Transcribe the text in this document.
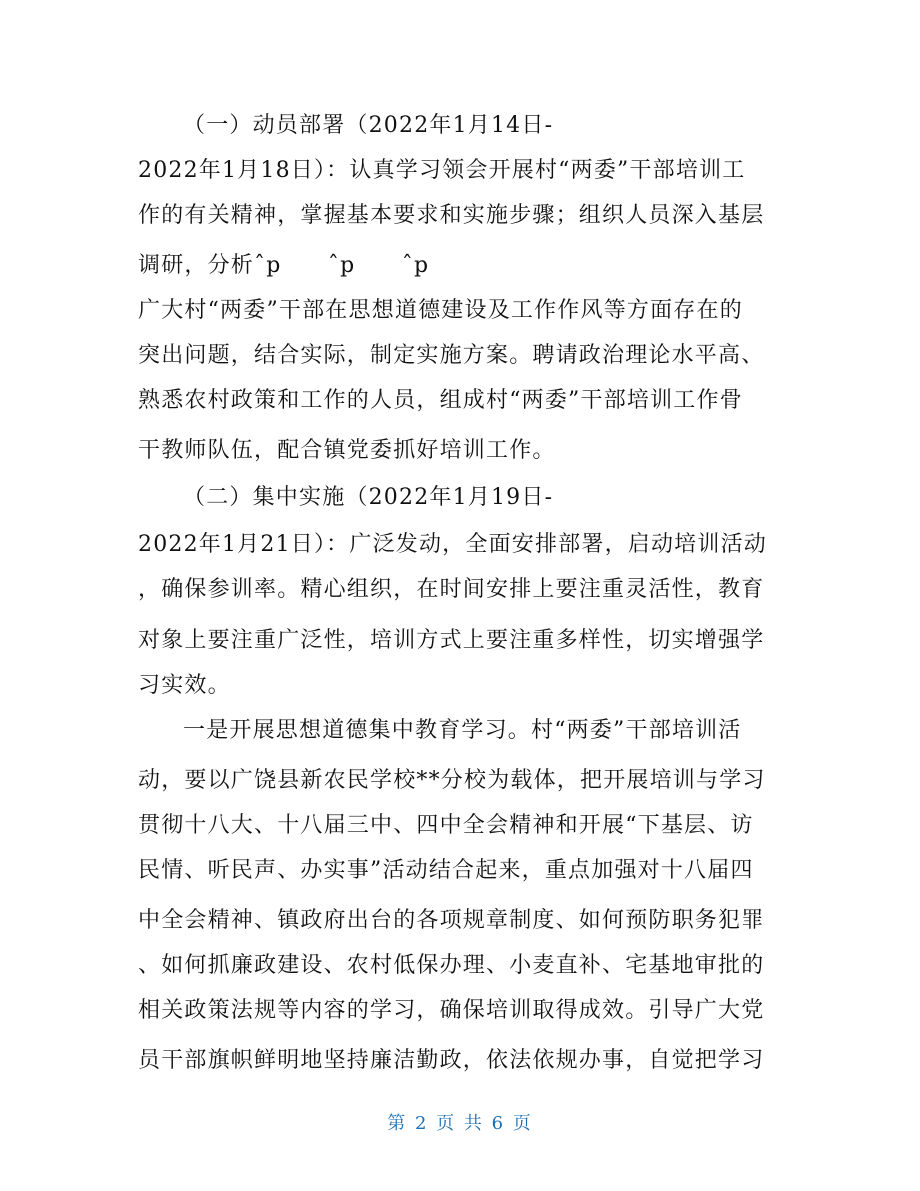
（一）动员部署（2022年1月14日-
2022年1月18日）：认真学习领会开展村“两委”干部培训工
作的有关精神，掌握基本要求和实施步骤；组织人员深入基层
调研，分析ˆp　　ˆp　　ˆp
广大村“两委”干部在思想道德建设及工作作风等方面存在的
突出问题，结合实际，制定实施方案。聘请政治理论水平高、
熟悉农村政策和工作的人员，组成村“两委”干部培训工作骨
干教师队伍，配合镇党委抓好培训工作。
（二）集中实施（2022年1月19日-
2022年1月21日）：广泛发动，全面安排部署，启动培训活动
，确保参训率。精心组织，在时间安排上要注重灵活性，教育
对象上要注重广泛性，培训方式上要注重多样性，切实增强学
习实效。
一是开展思想道德集中教育学习。村“两委”干部培训活
动，要以广饶县新农民学校**分校为载体，把开展培训与学习
贯彻十八大、十八届三中、四中全会精神和开展“下基层、访
民情、听民声、办实事”活动结合起来，重点加强对十八届四
中全会精神、镇政府出台的各项规章制度、如何预防职务犯罪
、如何抓廉政建设、农村低保办理、小麦直补、宅基地审批的
相关政策法规等内容的学习，确保培训取得成效。引导广大党
员干部旗帜鲜明地坚持廉洁勤政，依法依规办事，自觉把学习
第 2 页 共 6 页
